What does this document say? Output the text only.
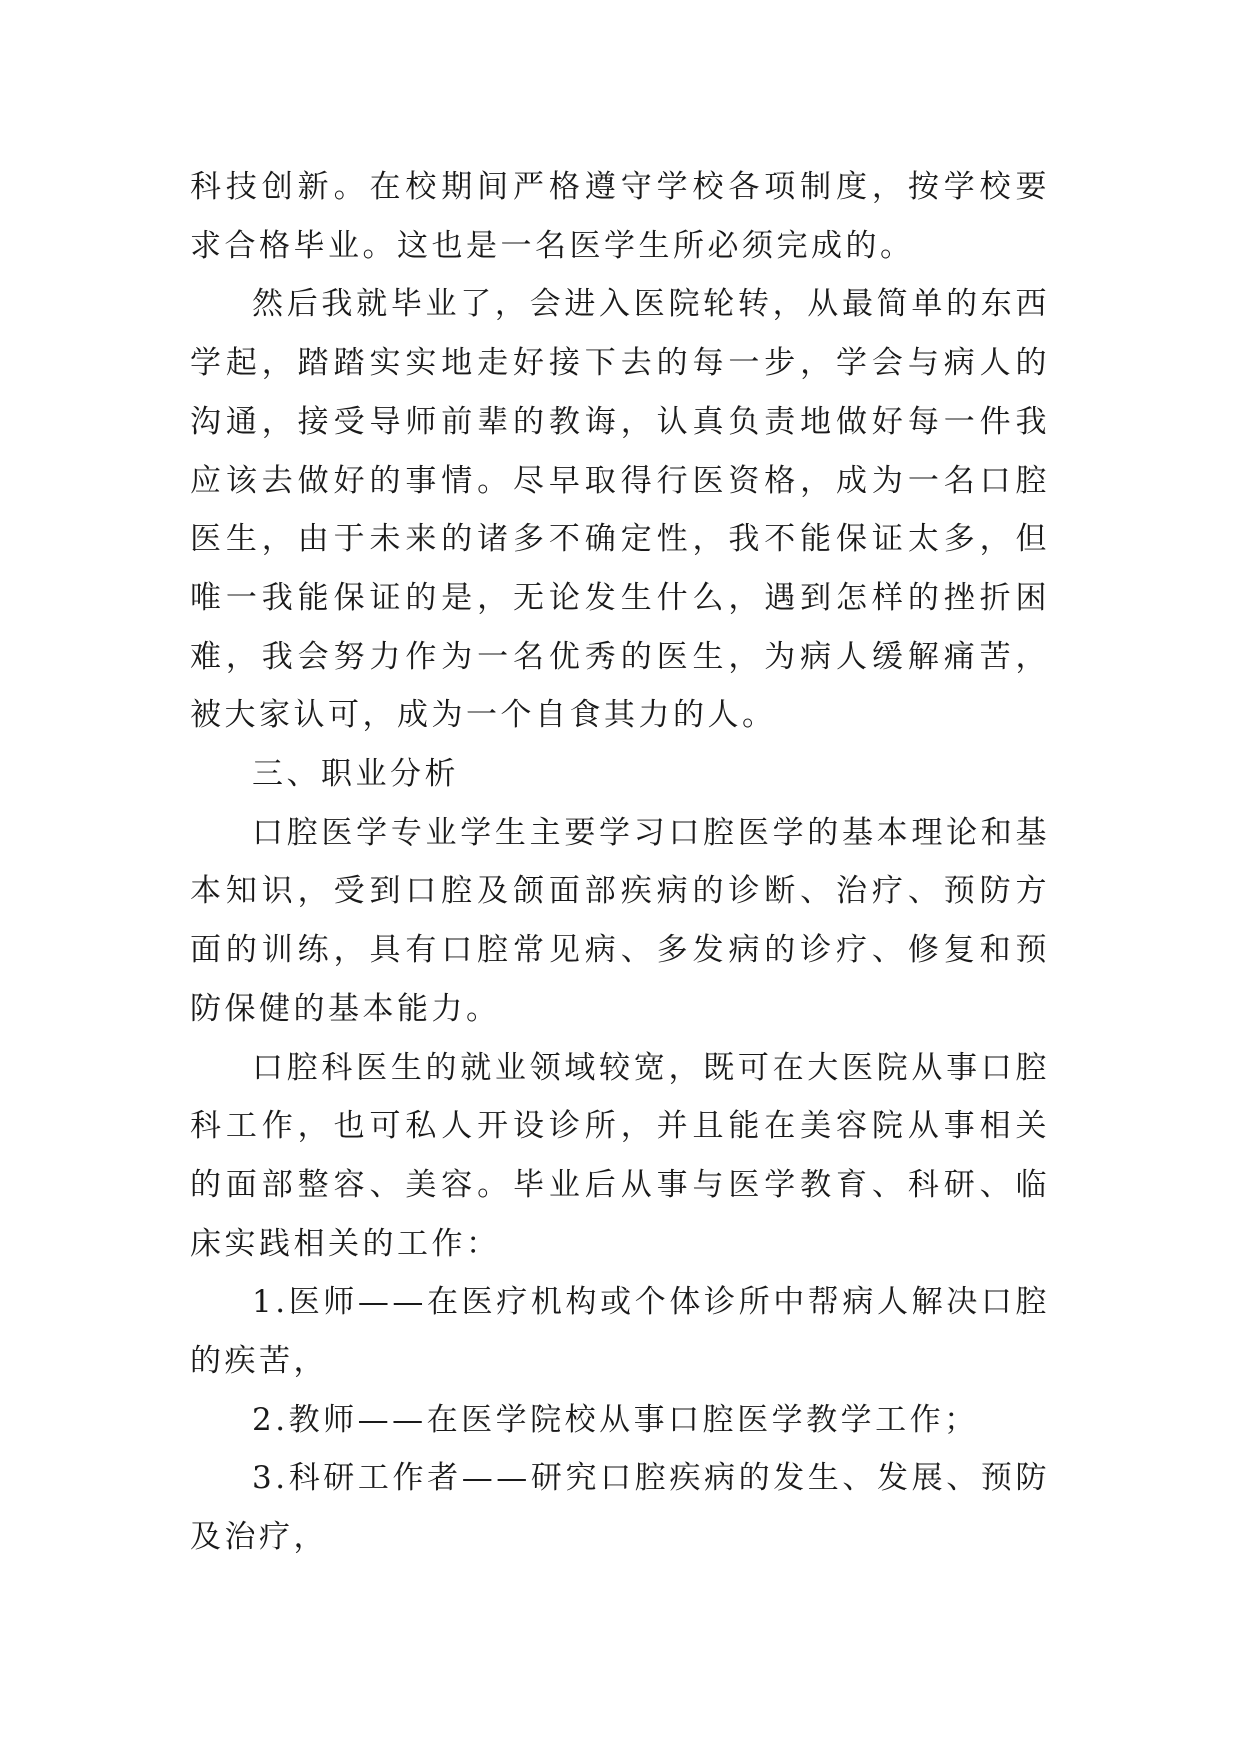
科技创新。在校期间严格遵守学校各项制度，按学校要求合格毕业。这也是一名医学生所必须完成的。

然后我就毕业了，会进入医院轮转，从最简单的东西学起，踏踏实实地走好接下去的每一步，学会与病人的沟通，接受导师前辈的教诲，认真负责地做好每一件我应该去做好的事情。尽早取得行医资格，成为一名口腔医生，由于未来的诸多不确定性，我不能保证太多，但唯一我能保证的是，无论发生什么，遇到怎样的挫折困难，我会努力作为一名优秀的医生，为病人缓解痛苦，被大家认可，成为一个自食其力的人。

三、职业分析

口腔医学专业学生主要学习口腔医学的基本理论和基本知识，受到口腔及颌面部疾病的诊断、治疗、预防方面的训练，具有口腔常见病、多发病的诊疗、修复和预防保健的基本能力。

口腔科医生的就业领域较宽，既可在大医院从事口腔科工作，也可私人开设诊所，并且能在美容院从事相关的面部整容、美容。毕业后从事与医学教育、科研、临床实践相关的工作：

1.医师——在医疗机构或个体诊所中帮病人解决口腔的疾苦，

2.教师——在医学院校从事口腔医学教学工作；

3.科研工作者——研究口腔疾病的发生、发展、预防及治疗，
